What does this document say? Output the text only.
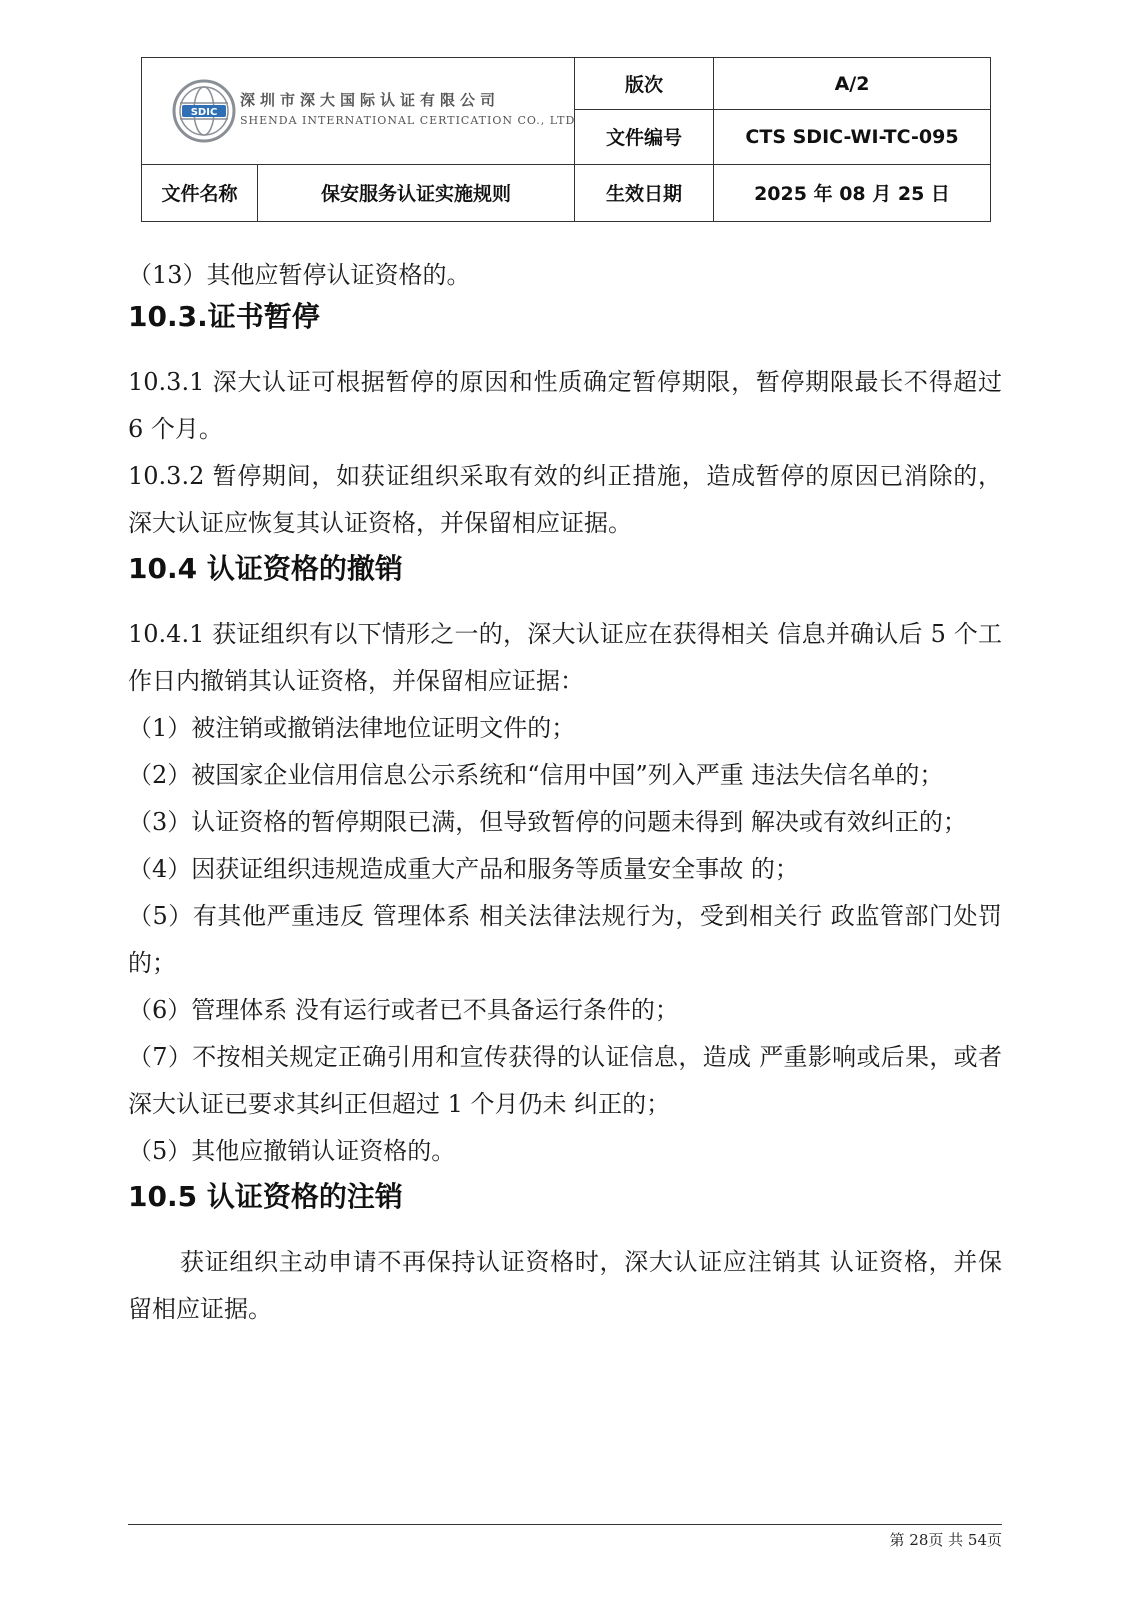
SDIC
深圳市深大国际认证有限公司
SHENDA INTERNATIONAL CERTICATION CO., LTD		版次	A/2
		文件编号	CTS SDIC-WI-TC-095
文件名称	保安服务认证实施规则	生效日期	2025 年 08 月 25 日

（13）其他应暂停认证资格的。

10.3.证书暂停

10.3.1 深大认证可根据暂停的原因和性质确定暂停期限，暂停期限最长不得超过 6 个月。

10.3.2 暂停期间，如获证组织采取有效的纠正措施，造成暂停的原因已消除的，深大认证应恢复其认证资格，并保留相应证据。

10.4 认证资格的撤销

10.4.1 获证组织有以下情形之一的，深大认证应在获得相关 信息并确认后 5 个工作日内撤销其认证资格，并保留相应证据：

（1）被注销或撤销法律地位证明文件的；

（2）被国家企业信用信息公示系统和“信用中国”列入严重 违法失信名单的；

（3）认证资格的暂停期限已满，但导致暂停的问题未得到 解决或有效纠正的；

（4）因获证组织违规造成重大产品和服务等质量安全事故 的；

（5）有其他严重违反 管理体系 相关法律法规行为，受到相关行 政监管部门处罚的；

（6）管理体系 没有运行或者已不具备运行条件的；

（7）不按相关规定正确引用和宣传获得的认证信息，造成 严重影响或后果，或者深大认证已要求其纠正但超过 1 个月仍未 纠正的；

（5）其他应撤销认证资格的。

10.5 认证资格的注销

获证组织主动申请不再保持认证资格时，深大认证应注销其 认证资格，并保留相应证据。

第 28页 共 54页
